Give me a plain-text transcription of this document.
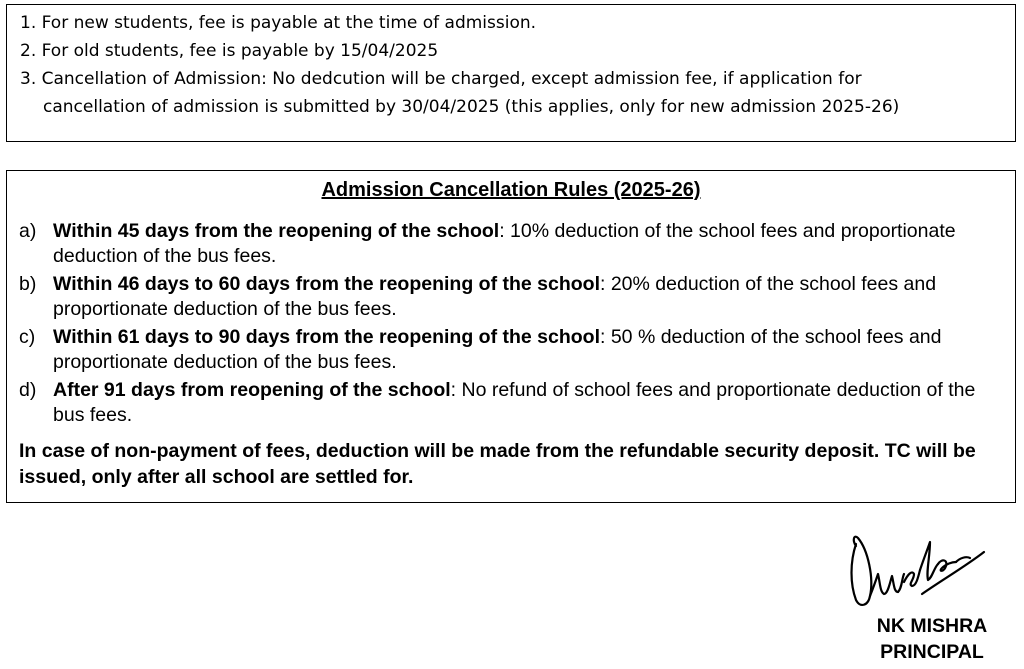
1. For new students, fee is payable at the time of admission.
2. For old students, fee is payable by 15/04/2025
3. Cancellation of Admission: No dedcution will be charged, except admission fee, if application for
cancellation of admission is submitted by 30/04/2025 (this applies, only for new admission 2025-26)
Admission Cancellation Rules (2025-26)
a) Within 45 days from the reopening of the school: 10% deduction of the school fees and proportionate deduction of the bus fees.
b) Within 46 days to 60 days from the reopening of the school: 20% deduction of the school fees and proportionate deduction of the bus fees.
c) Within 61 days to 90 days from the reopening of the school: 50 % deduction of the school fees and proportionate deduction of the bus fees.
d) After 91 days from reopening of the school: No refund of school fees and proportionate deduction of the bus fees.
In case of non-payment of fees, deduction will be made from the refundable security deposit. TC will be issued, only after all school are settled for.
NK MISHRA
PRINCIPAL
